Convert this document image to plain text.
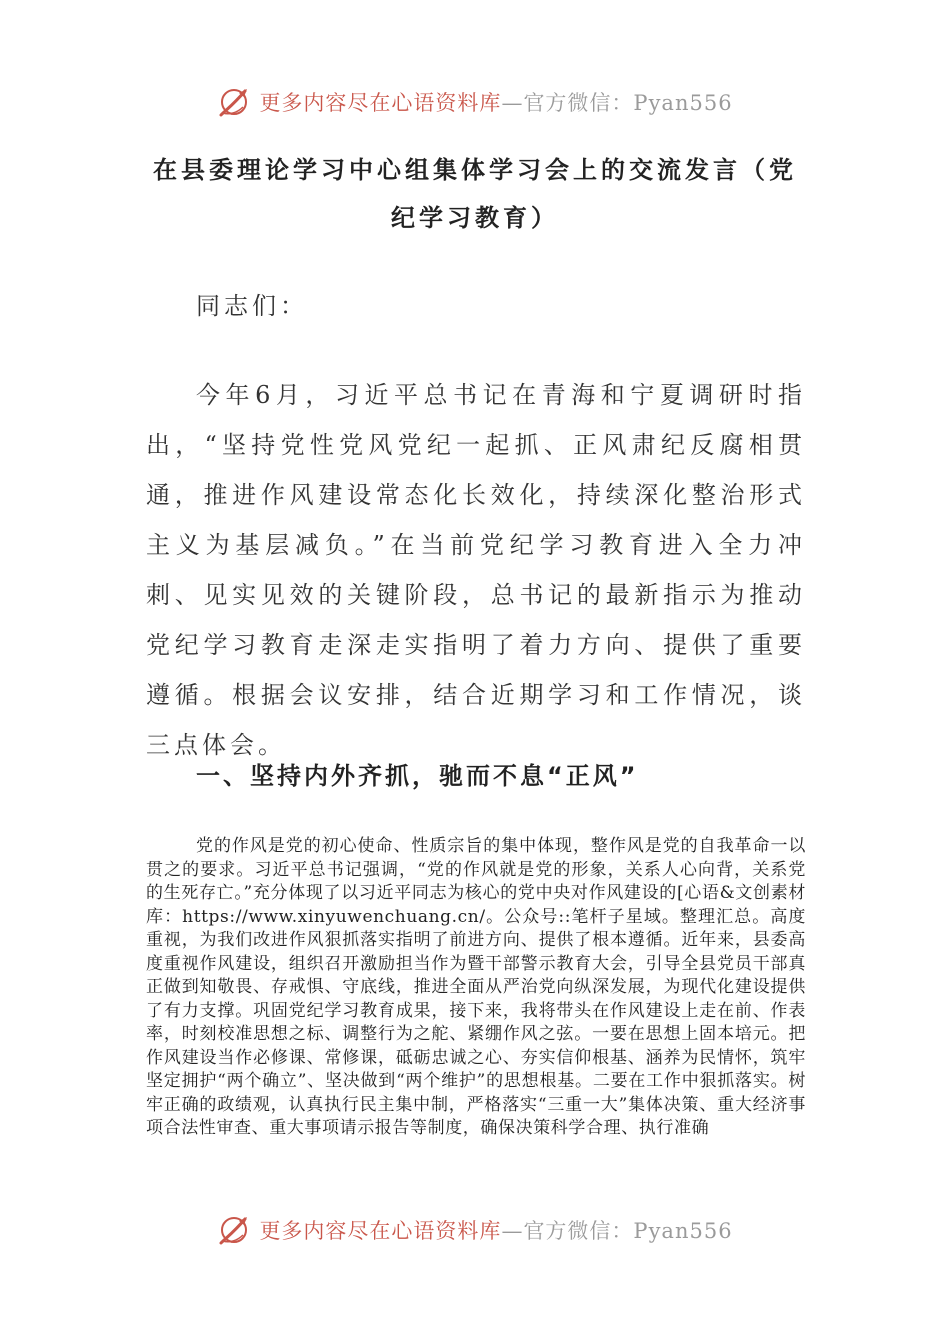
更多内容尽在心语资料库—官方微信：Pyan556
在县委理论学习中心组集体学习会上的交流发言（党纪学习教育）

同志们：

今年6月，习近平总书记在青海和宁夏调研时指出，“坚持党性党风党纪一起抓、正风肃纪反腐相贯通，推进作风建设常态化长效化，持续深化整治形式主义为基层减负。”在当前党纪学习教育进入全力冲刺、见实见效的关键阶段，总书记的最新指示为推动党纪学习教育走深走实指明了着力方向、提供了重要遵循。根据会议安排，结合近期学习和工作情况，谈三点体会。

一、坚持内外齐抓，驰而不息“正风”

党的作风是党的初心使命、性质宗旨的集中体现，整作风是党的自我革命一以贯之的要求。习近平总书记强调，“党的作风就是党的形象，关系人心向背，关系党的生死存亡。”充分体现了以习近平同志为核心的党中央对作风建设的[心语&文创素材库：https://www.xinyuwenchuang.cn/。公众号::笔杆子星域。整理汇总。高度重视，为我们改进作风狠抓落实指明了前进方向、提供了根本遵循。近年来，县委高度重视作风建设，组织召开激励担当作为暨干部警示教育大会，引导全县党员干部真正做到知敬畏、存戒惧、守底线，推进全面从严治党向纵深发展，为现代化建设提供了有力支撑。巩固党纪学习教育成果，接下来，我将带头在作风建设上走在前、作表率，时刻校准思想之标、调整行为之舵、紧绷作风之弦。一要在思想上固本培元。把作风建设当作必修课、常修课，砥砺忠诚之心、夯实信仰根基、涵养为民情怀，筑牢坚定拥护“两个确立”、坚决做到“两个维护”的思想根基。二要在工作中狠抓落实。树牢正确的政绩观，认真执行民主集中制，严格落实“三重一大”集体决策、重大经济事项合法性审查、重大事项请示报告等制度，确保决策科学合理、执行准确

更多内容尽在心语资料库—官方微信：Pyan556
